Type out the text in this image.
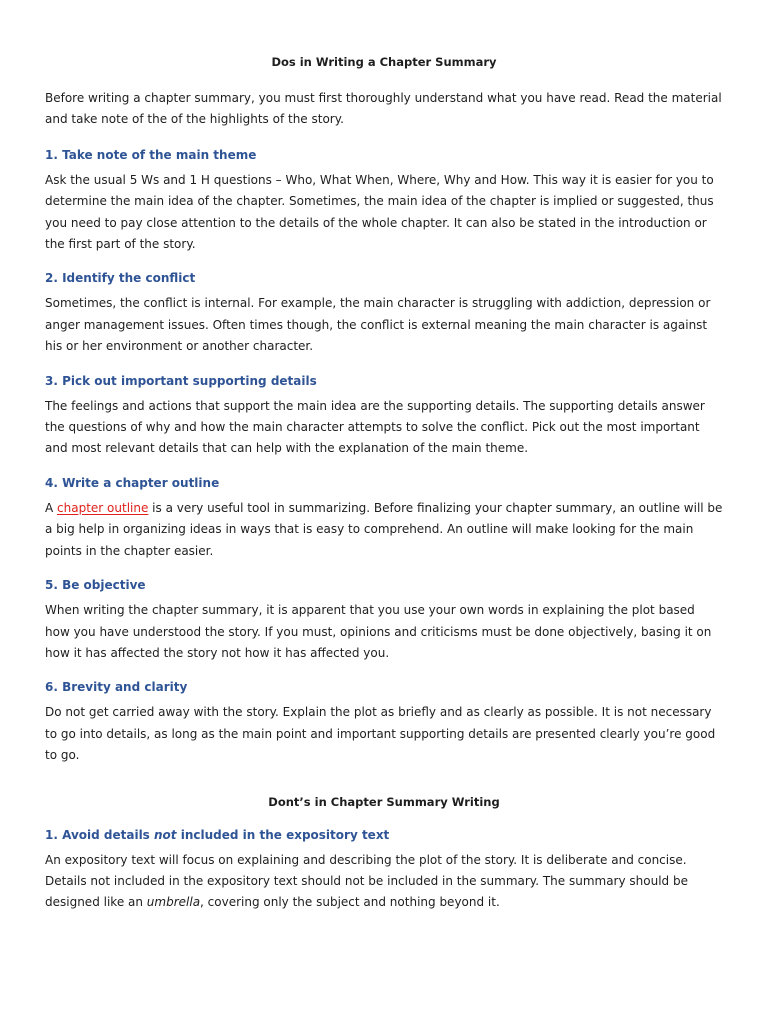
Dos in Writing a Chapter Summary

Before writing a chapter summary, you must first thoroughly understand what you have read. Read the material and take note of the of the highlights of the story.

1. Take note of the main theme

Ask the usual 5 Ws and 1 H questions – Who, What When, Where, Why and How. This way it is easier for you to determine the main idea of the chapter. Sometimes, the main idea of the chapter is implied or suggested, thus you need to pay close attention to the details of the whole chapter. It can also be stated in the introduction or the first part of the story.

2. Identify the conflict

Sometimes, the conflict is internal. For example, the main character is struggling with addiction, depression or anger management issues. Often times though, the conflict is external meaning the main character is against his or her environment or another character.

3. Pick out important supporting details

The feelings and actions that support the main idea are the supporting details. The supporting details answer the questions of why and how the main character attempts to solve the conflict. Pick out the most important and most relevant details that can help with the explanation of the main theme.

4. Write a chapter outline

A chapter outline is a very useful tool in summarizing. Before finalizing your chapter summary, an outline will be a big help in organizing ideas in ways that is easy to comprehend. An outline will make looking for the main points in the chapter easier.

5. Be objective

When writing the chapter summary, it is apparent that you use your own words in explaining the plot based how you have understood the story. If you must, opinions and criticisms must be done objectively, basing it on how it has affected the story not how it has affected you.

6. Brevity and clarity

Do not get carried away with the story. Explain the plot as briefly and as clearly as possible. It is not necessary to go into details, as long as the main point and important supporting details are presented clearly you’re good to go.

Dont’s in Chapter Summary Writing
1. Avoid details not included in the expository text

An expository text will focus on explaining and describing the plot of the story. It is deliberate and concise. Details not included in the expository text should not be included in the summary. The summary should be designed like an umbrella, covering only the subject and nothing beyond it.
